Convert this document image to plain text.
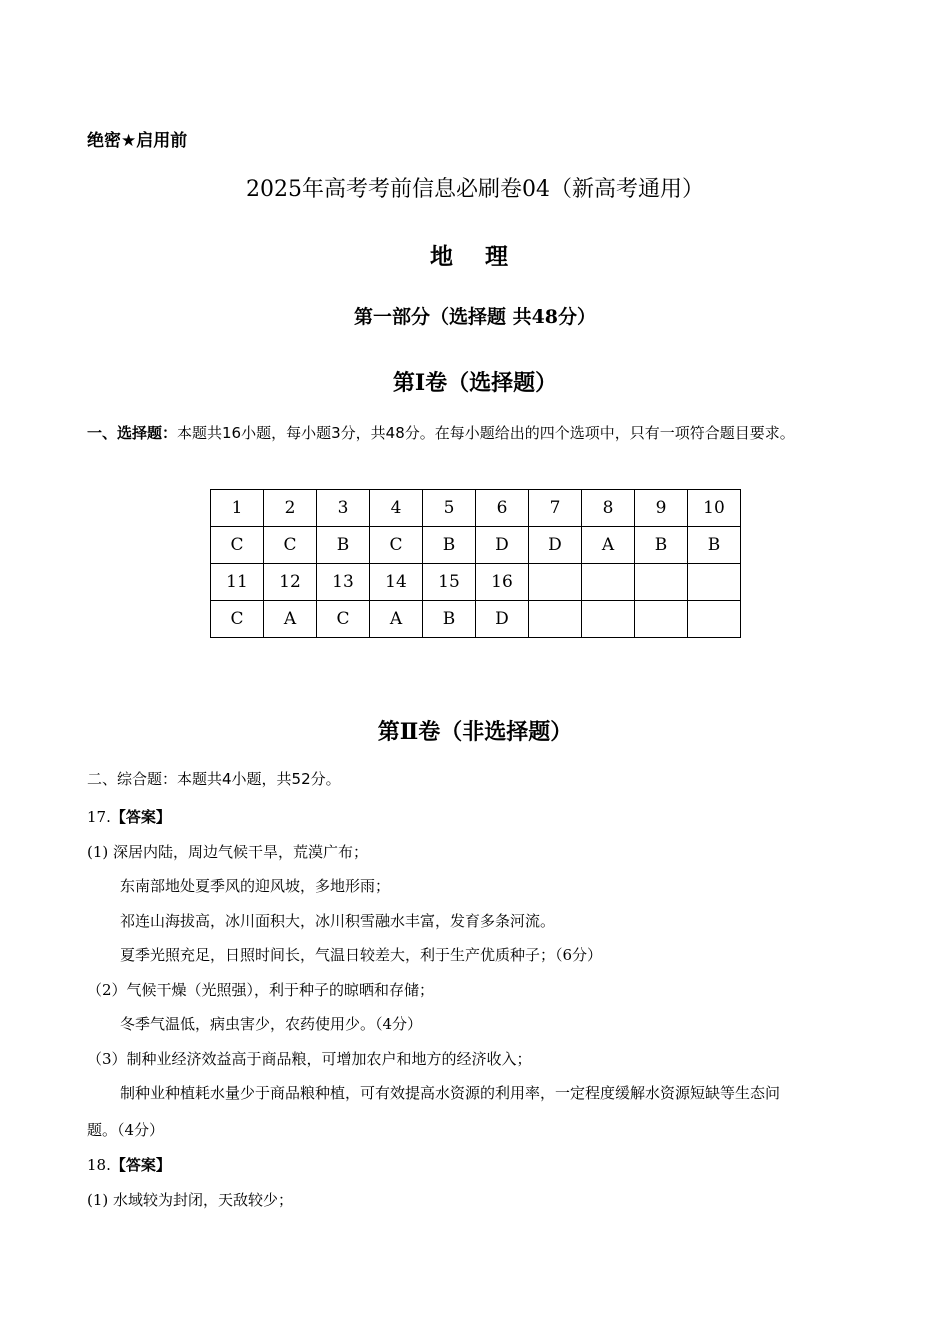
绝密★启用前
2025年高考考前信息必刷卷04（新高考通用）
地 理
第一部分（选择题 共48分）
第Ⅰ卷（选择题）
一、选择题：本题共16小题，每小题3分，共48分。在每小题给出的四个选项中，只有一项符合题目要求。
1	2	3	4	5	6	7	8	9	10
C	C	B	C	B	D	D	A	B	B
11	12	13	14	15	16				
C	A	C	A	B	D				
第Ⅱ卷（非选择题）
二、综合题：本题共4小题，共52分。
17.【答案】
(1) 深居内陆，周边气候干旱，荒漠广布；
东南部地处夏季风的迎风坡，多地形雨；
祁连山海拔高，冰川面积大，冰川积雪融水丰富，发育多条河流。
夏季光照充足，日照时间长，气温日较差大，利于生产优质种子；（6分）
（2）气候干燥（光照强），利于种子的晾晒和存储；
冬季气温低，病虫害少，农药使用少。（4分）
（3）制种业经济效益高于商品粮，可增加农户和地方的经济收入；
制种业种植耗水量少于商品粮种植，可有效提高水资源的利用率，一定程度缓解水资源短缺等生态问
题。（4分）
18.【答案】
(1) 水域较为封闭，天敌较少；
